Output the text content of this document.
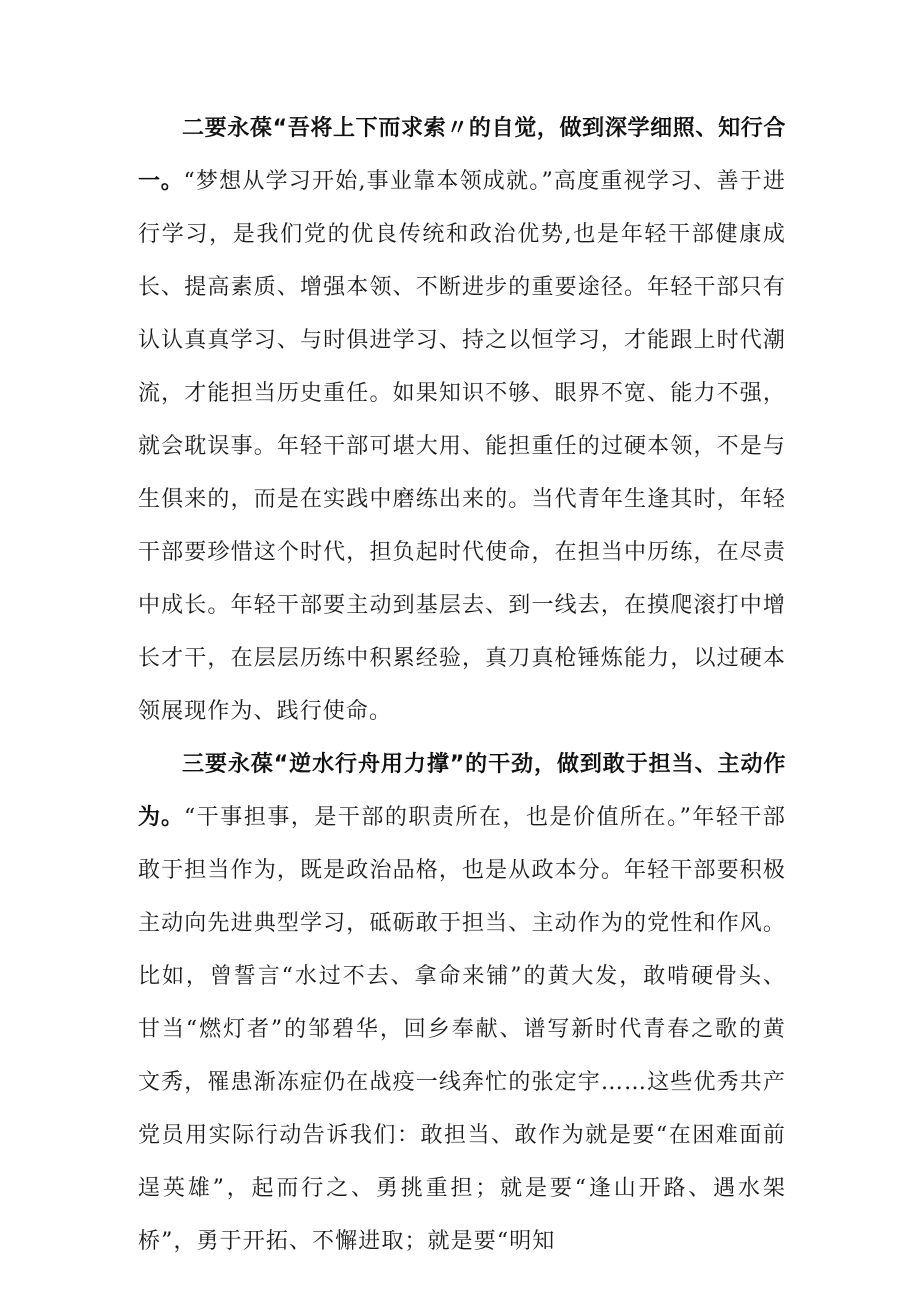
二要永葆“吾将上下而求索〃的自觉，做到深学细照、知行合一。“梦想从学习开始,事业靠本领成就。”高度重视学习、善于进行学习，是我们党的优良传统和政治优势,也是年轻干部健康成长、提高素质、增强本领、不断进步的重要途径。年轻干部只有认认真真学习、与时俱进学习、持之以恒学习，才能跟上时代潮流，才能担当历史重任。如果知识不够、眼界不宽、能力不强，就会耽误事。年轻干部可堪大用、能担重任的过硬本领，不是与生俱来的，而是在实践中磨练出来的。当代青年生逢其时，年轻干部要珍惜这个时代，担负起时代使命，在担当中历练，在尽责中成长。年轻干部要主动到基层去、到一线去，在摸爬滚打中增长才干，在层层历练中积累经验，真刀真枪锤炼能力，以过硬本领展现作为、践行使命。

三要永葆“逆水行舟用力撑”的干劲，做到敢于担当、主动作为。“干事担事，是干部的职责所在，也是价值所在。”年轻干部敢于担当作为，既是政治品格，也是从政本分。年轻干部要积极主动向先进典型学习，砥砺敢于担当、主动作为的党性和作风。比如，曾誓言“水过不去、拿命来铺”的黄大发，敢啃硬骨头、甘当“燃灯者”的邹碧华，回乡奉献、谱写新时代青春之歌的黄文秀，罹患渐冻症仍在战疫一线奔忙的张定宇……这些优秀共产党员用实际行动告诉我们：敢担当、敢作为就是要“在困难面前逞英雄”，起而行之、勇挑重担；就是要“逢山开路、遇水架桥”，勇于开拓、不懈进取；就是要“明知
